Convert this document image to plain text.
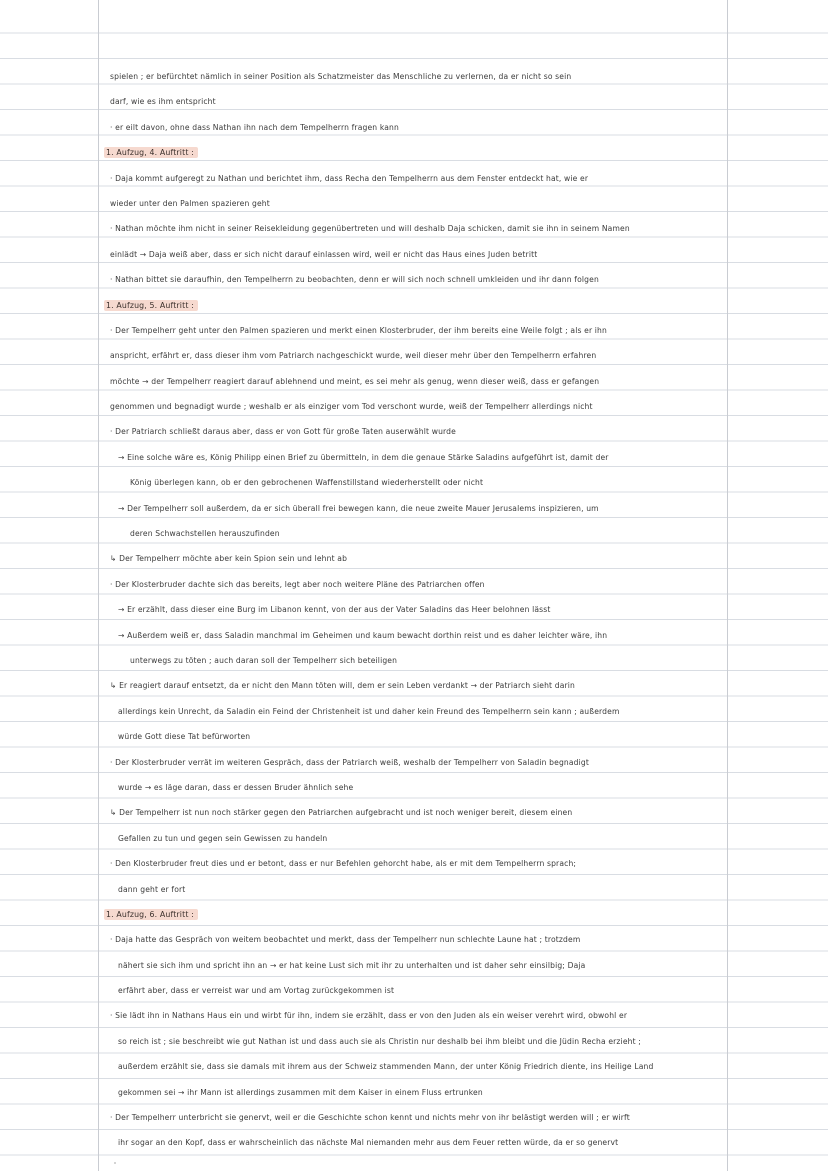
spielen ; er befürchtet nämlich in seiner Position als Schatzmeister das Menschliche zu verlernen, da er nicht so sein
darf, wie es ihm entspricht
· er eilt davon, ohne dass Nathan ihn nach dem Tempelherrn fragen kann
1. Aufzug, 4. Auftritt :
· Daja kommt aufgeregt zu Nathan und berichtet ihm, dass Recha den Tempelherrn aus dem Fenster entdeckt hat, wie er
wieder unter den Palmen spazieren geht
· Nathan möchte ihm nicht in seiner Reisekleidung gegenübertreten und will deshalb Daja schicken, damit sie ihn in seinem Namen
einlädt → Daja weiß aber, dass er sich nicht darauf einlassen wird, weil er nicht das Haus eines Juden betritt
· Nathan bittet sie daraufhin, den Tempelherrn zu beobachten, denn er will sich noch schnell umkleiden und ihr dann folgen
1. Aufzug, 5. Auftritt :
· Der Tempelherr geht unter den Palmen spazieren und merkt einen Klosterbruder, der ihm bereits eine Weile folgt ; als er ihn
anspricht, erfährt er, dass dieser ihm vom Patriarch nachgeschickt wurde, weil dieser mehr über den Tempelherrn erfahren
möchte → der Tempelherr reagiert darauf ablehnend und meint, es sei mehr als genug, wenn dieser weiß, dass er gefangen
genommen und begnadigt wurde ; weshalb er als einziger vom Tod verschont wurde, weiß der Tempelherr allerdings nicht
· Der Patriarch schließt daraus aber, dass er von Gott für große Taten auserwählt wurde
→ Eine solche wäre es, König Philipp einen Brief zu übermitteln, in dem die genaue Stärke Saladins aufgeführt ist, damit der
König überlegen kann, ob er den gebrochenen Waffenstillstand wiederherstellt oder nicht
→ Der Tempelherr soll außerdem, da er sich überall frei bewegen kann, die neue zweite Mauer Jerusalems inspizieren, um
deren Schwachstellen herauszufinden
↳ Der Tempelherr möchte aber kein Spion sein und lehnt ab
· Der Klosterbruder dachte sich das bereits, legt aber noch weitere Pläne des Patriarchen offen
→ Er erzählt, dass dieser eine Burg im Libanon kennt, von der aus der Vater Saladins das Heer belohnen lässt
→ Außerdem weiß er, dass Saladin manchmal im Geheimen und kaum bewacht dorthin reist und es daher leichter wäre, ihn
unterwegs zu töten ; auch daran soll der Tempelherr sich beteiligen
↳ Er reagiert darauf entsetzt, da er nicht den Mann töten will, dem er sein Leben verdankt → der Patriarch sieht darin
allerdings kein Unrecht, da Saladin ein Feind der Christenheit ist und daher kein Freund des Tempelherrn sein kann ; außerdem
würde Gott diese Tat befürworten
· Der Klosterbruder verrät im weiteren Gespräch, dass der Patriarch weiß, weshalb der Tempelherr von Saladin begnadigt
wurde → es läge daran, dass er dessen Bruder ähnlich sehe
↳ Der Tempelherr ist nun noch stärker gegen den Patriarchen aufgebracht und ist noch weniger bereit, diesem einen
Gefallen zu tun und gegen sein Gewissen zu handeln
· Den Klosterbruder freut dies und er betont, dass er nur Befehlen gehorcht habe, als er mit dem Tempelherrn sprach;
dann geht er fort
1. Aufzug, 6. Auftritt :
· Daja hatte das Gespräch von weitem beobachtet und merkt, dass der Tempelherr nun schlechte Laune hat ; trotzdem
nähert sie sich ihm und spricht ihn an → er hat keine Lust sich mit ihr zu unterhalten und ist daher sehr einsilbig; Daja
erfährt aber, dass er verreist war und am Vortag zurückgekommen ist
· Sie lädt ihn in Nathans Haus ein und wirbt für ihn, indem sie erzählt, dass er von den Juden als ein weiser verehrt wird, obwohl er
so reich ist ; sie beschreibt wie gut Nathan ist und dass auch sie als Christin nur deshalb bei ihm bleibt und die Jüdin Recha erzieht ;
außerdem erzählt sie, dass sie damals mit ihrem aus der Schweiz stammenden Mann, der unter König Friedrich diente, ins Heilige Land
gekommen sei → ihr Mann ist allerdings zusammen mit dem Kaiser in einem Fluss ertrunken
· Der Tempelherr unterbricht sie genervt, weil er die Geschichte schon kennt und nichts mehr von ihr belästigt werden will ; er wirft
ihr sogar an den Kopf, dass er wahrscheinlich das nächste Mal niemanden mehr aus dem Feuer retten würde, da er so genervt
